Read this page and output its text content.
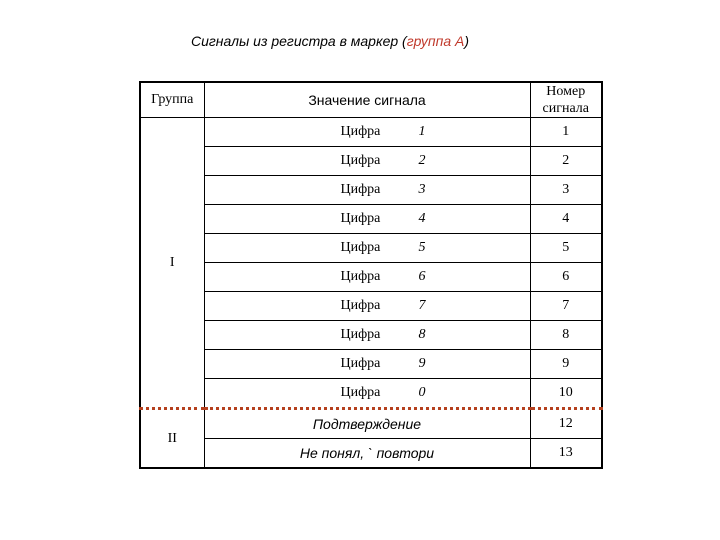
Сигналы из регистра в маркер (группа А)
Группа	Значение сигнала	Номер
сигнала
I	Цифра 1	1

	Цифра 2	2

	Цифра 3	3

	Цифра 4	4

	Цифра 5	5

	Цифра 6	6

	Цифра 7	7

	Цифра 8	8

	Цифра 9	9

	Цифра 0	10
II	Подтверждение	12
	Не понял, ` повтори	13
